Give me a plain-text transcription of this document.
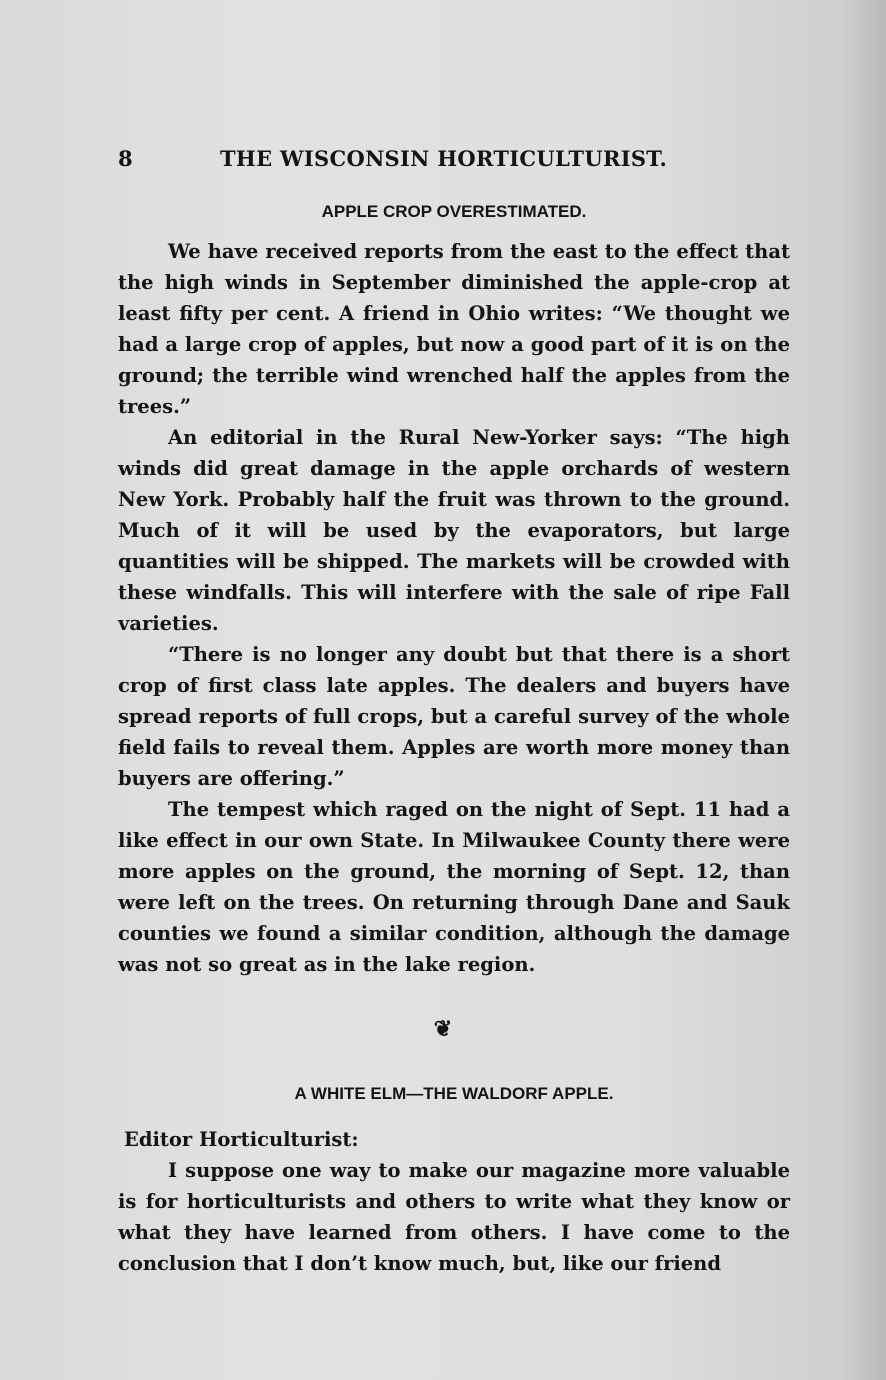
8	THE WISCONSIN HORTICULTURIST.
APPLE CROP OVERESTIMATED.

We have received reports from the east to the effect that the high winds in September diminished the apple-crop at least fifty per cent. A friend in Ohio writes: “We thought we had a large crop of apples, but now a good part of it is on the ground; the terrible wind wrenched half the apples from the trees.”

An editorial in the Rural New-Yorker says: “The high winds did great damage in the apple orchards of western New York. Probably half the fruit was thrown to the ground. Much of it will be used by the evaporators, but large quantities will be shipped. The markets will be crowded with these windfalls. This will interfere with the sale of ripe Fall varieties.

“There is no longer any doubt but that there is a short crop of first class late apples. The dealers and buyers have spread reports of full crops, but a careful survey of the whole field fails to reveal them. Apples are worth more money than buyers are offering.”

The tempest which raged on the night of Sept. 11 had a like effect in our own State. In Milwaukee County there were more apples on the ground, the morning of Sept. 12, than were left on the trees. On returning through Dane and Sauk counties we found a similar condition, although the damage was not so great as in the lake region.

❦
A WHITE ELM—THE WALDORF APPLE.

Editor Horticulturist:

I suppose one way to make our magazine more valuable is for horticulturists and others to write what they know or what they have learned from others. I have come to the conclusion that I don’t know much, but, like our friend
